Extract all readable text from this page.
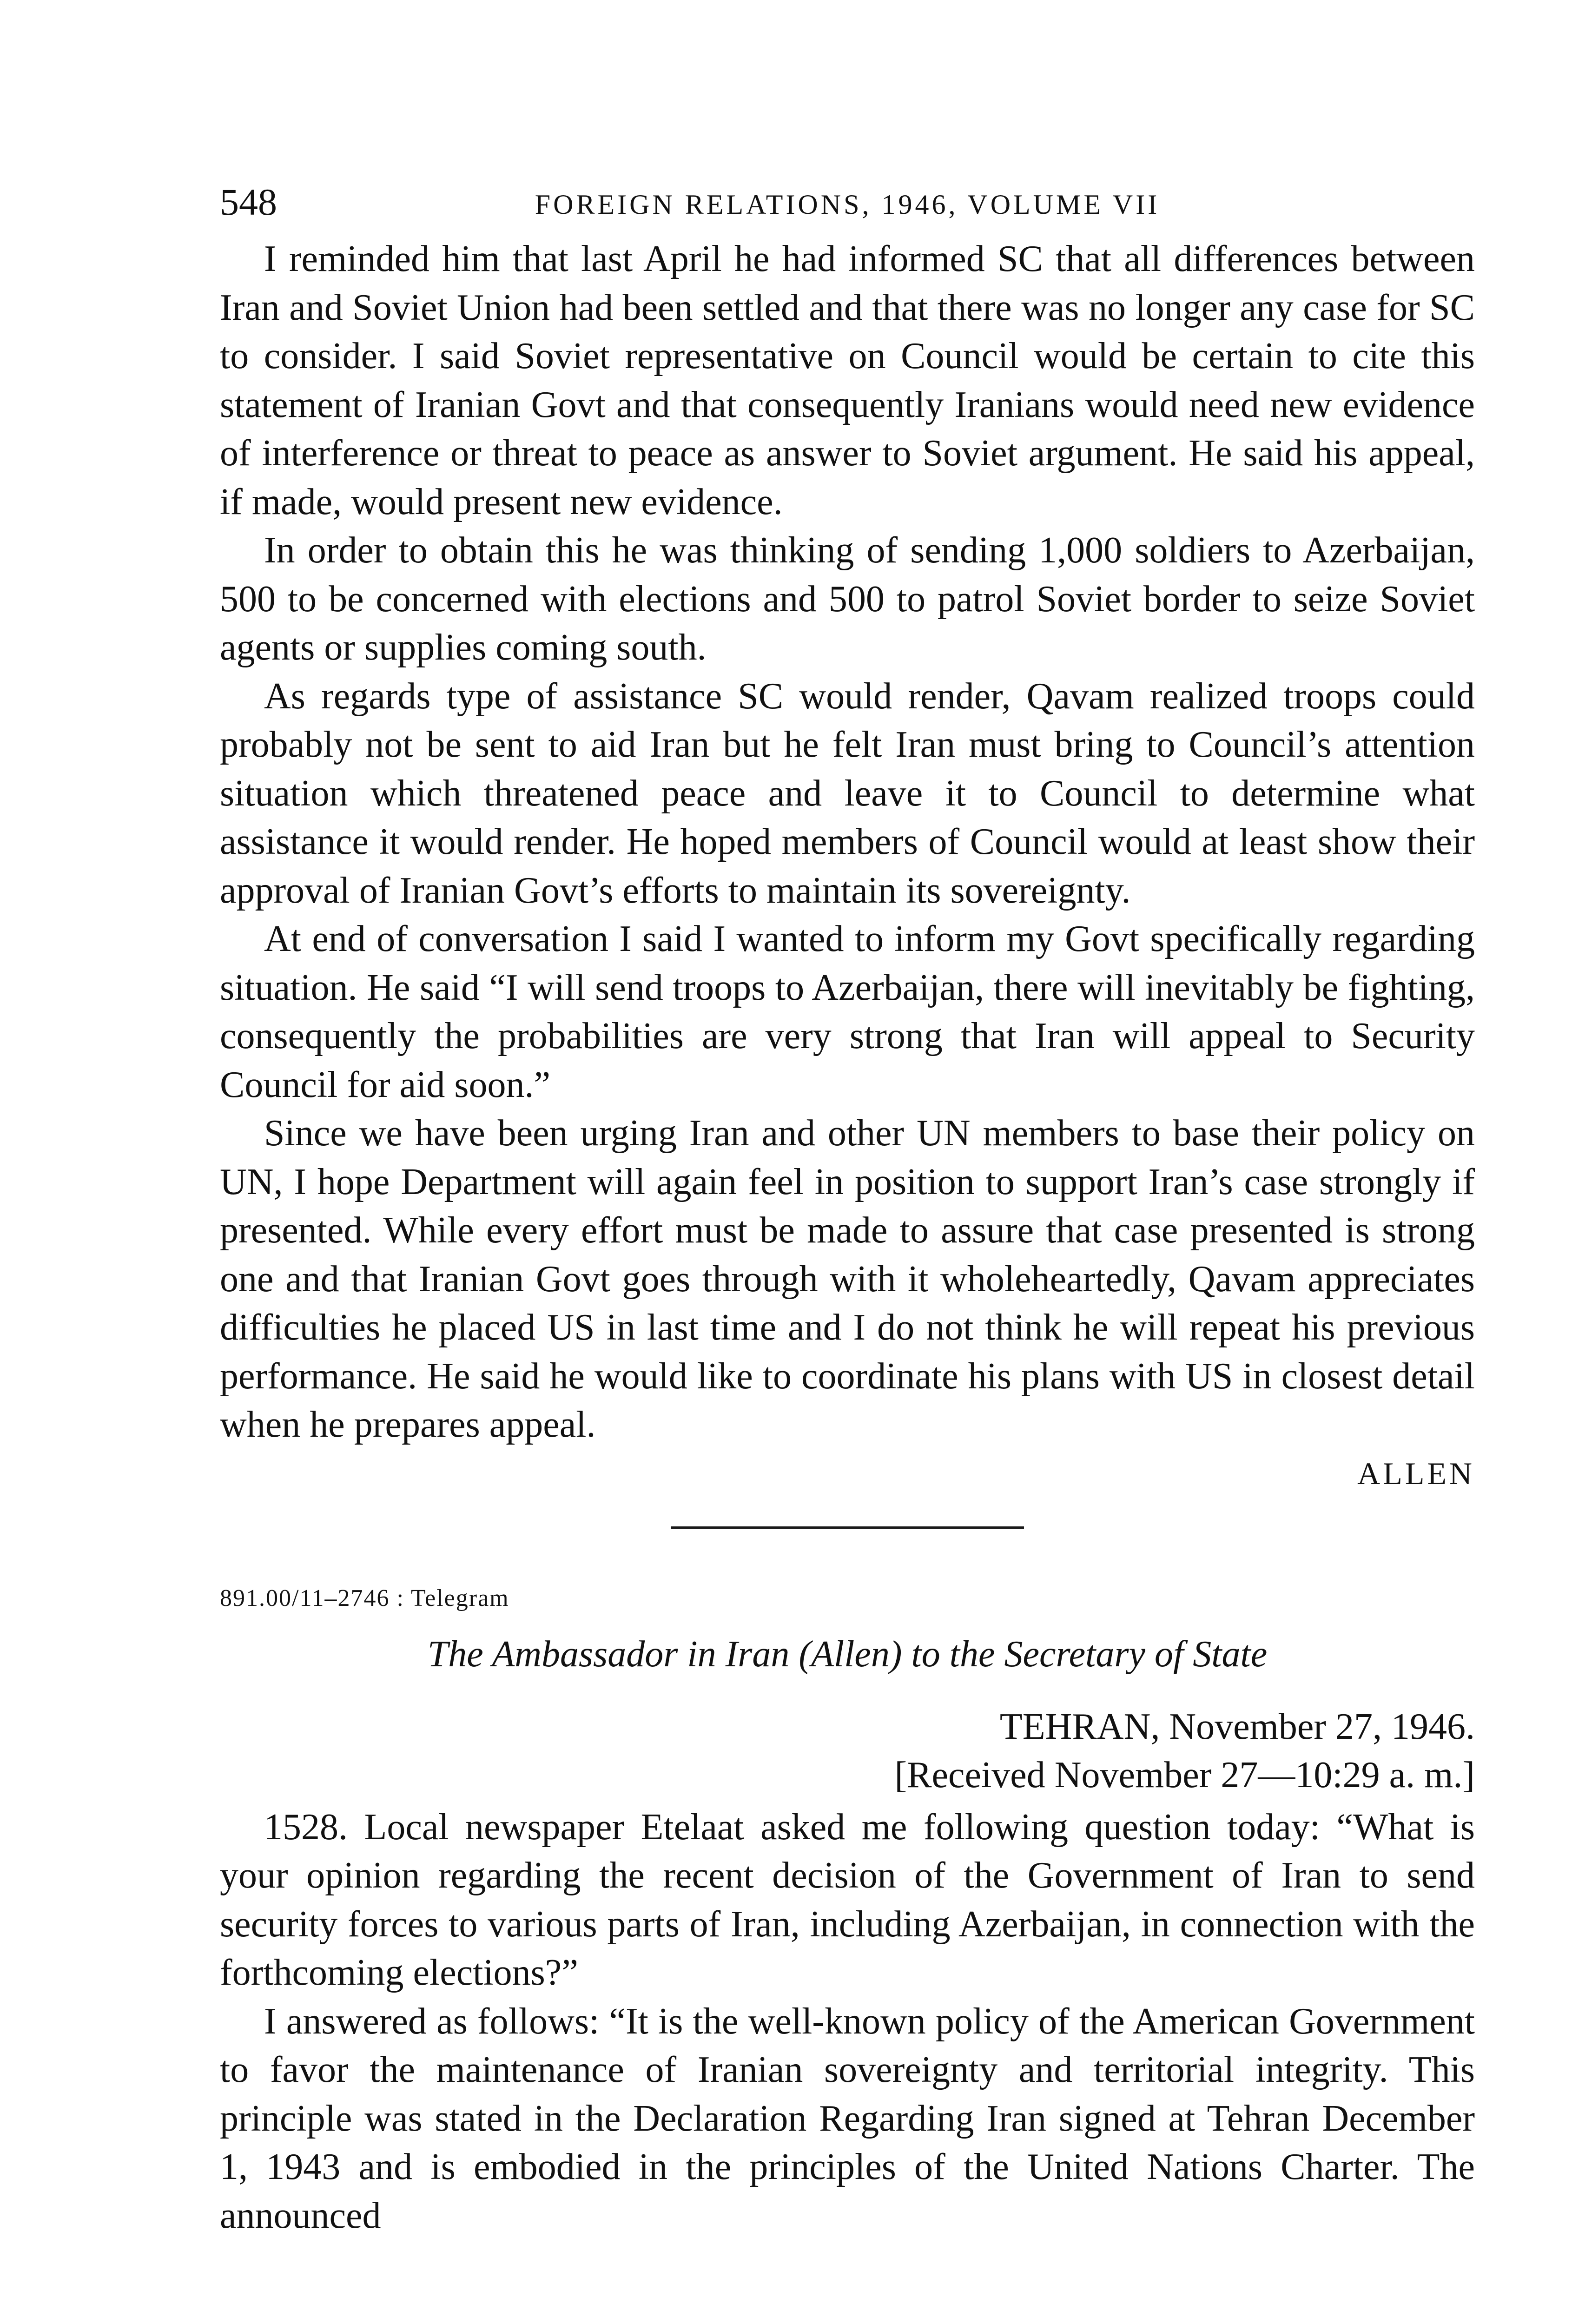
548	FOREIGN RELATIONS, 1946, VOLUME VII

I reminded him that last April he had informed SC that all differences between Iran and Soviet Union had been settled and that there was no longer any case for SC to consider. I said Soviet representative on Council would be certain to cite this statement of Iranian Govt and that consequently Iranians would need new evidence of interference or threat to peace as answer to Soviet argument. He said his appeal, if made, would present new evidence.

In order to obtain this he was thinking of sending 1,000 soldiers to Azerbaijan, 500 to be concerned with elections and 500 to patrol Soviet border to seize Soviet agents or supplies coming south.

As regards type of assistance SC would render, Qavam realized troops could probably not be sent to aid Iran but he felt Iran must bring to Council’s attention situation which threatened peace and leave it to Council to determine what assistance it would render. He hoped members of Council would at least show their approval of Iranian Govt’s efforts to maintain its sovereignty.

At end of conversation I said I wanted to inform my Govt specifically regarding situation. He said “I will send troops to Azerbaijan, there will inevitably be fighting, consequently the probabilities are very strong that Iran will appeal to Security Council for aid soon.”

Since we have been urging Iran and other UN members to base their policy on UN, I hope Department will again feel in position to support Iran’s case strongly if presented. While every effort must be made to assure that case presented is strong one and that Iranian Govt goes through with it wholeheartedly, Qavam appreciates difficulties he placed US in last time and I do not think he will repeat his previous performance. He said he would like to coordinate his plans with US in closest detail when he prepares appeal.

ALLEN
891.00/11–2746 : Telegram
The Ambassador in Iran (Allen) to the Secretary of State
TEHRAN, November 27, 1946.
[Received November 27—10:29 a. m.]

1528. Local newspaper Etelaat asked me following question today: “What is your opinion regarding the recent decision of the Government of Iran to send security forces to various parts of Iran, including Azerbaijan, in connection with the forthcoming elections?”

I answered as follows: “It is the well-known policy of the American Government to favor the maintenance of Iranian sovereignty and territorial integrity. This principle was stated in the Declaration Regarding Iran signed at Tehran December 1, 1943 and is embodied in the principles of the United Nations Charter. The announced
